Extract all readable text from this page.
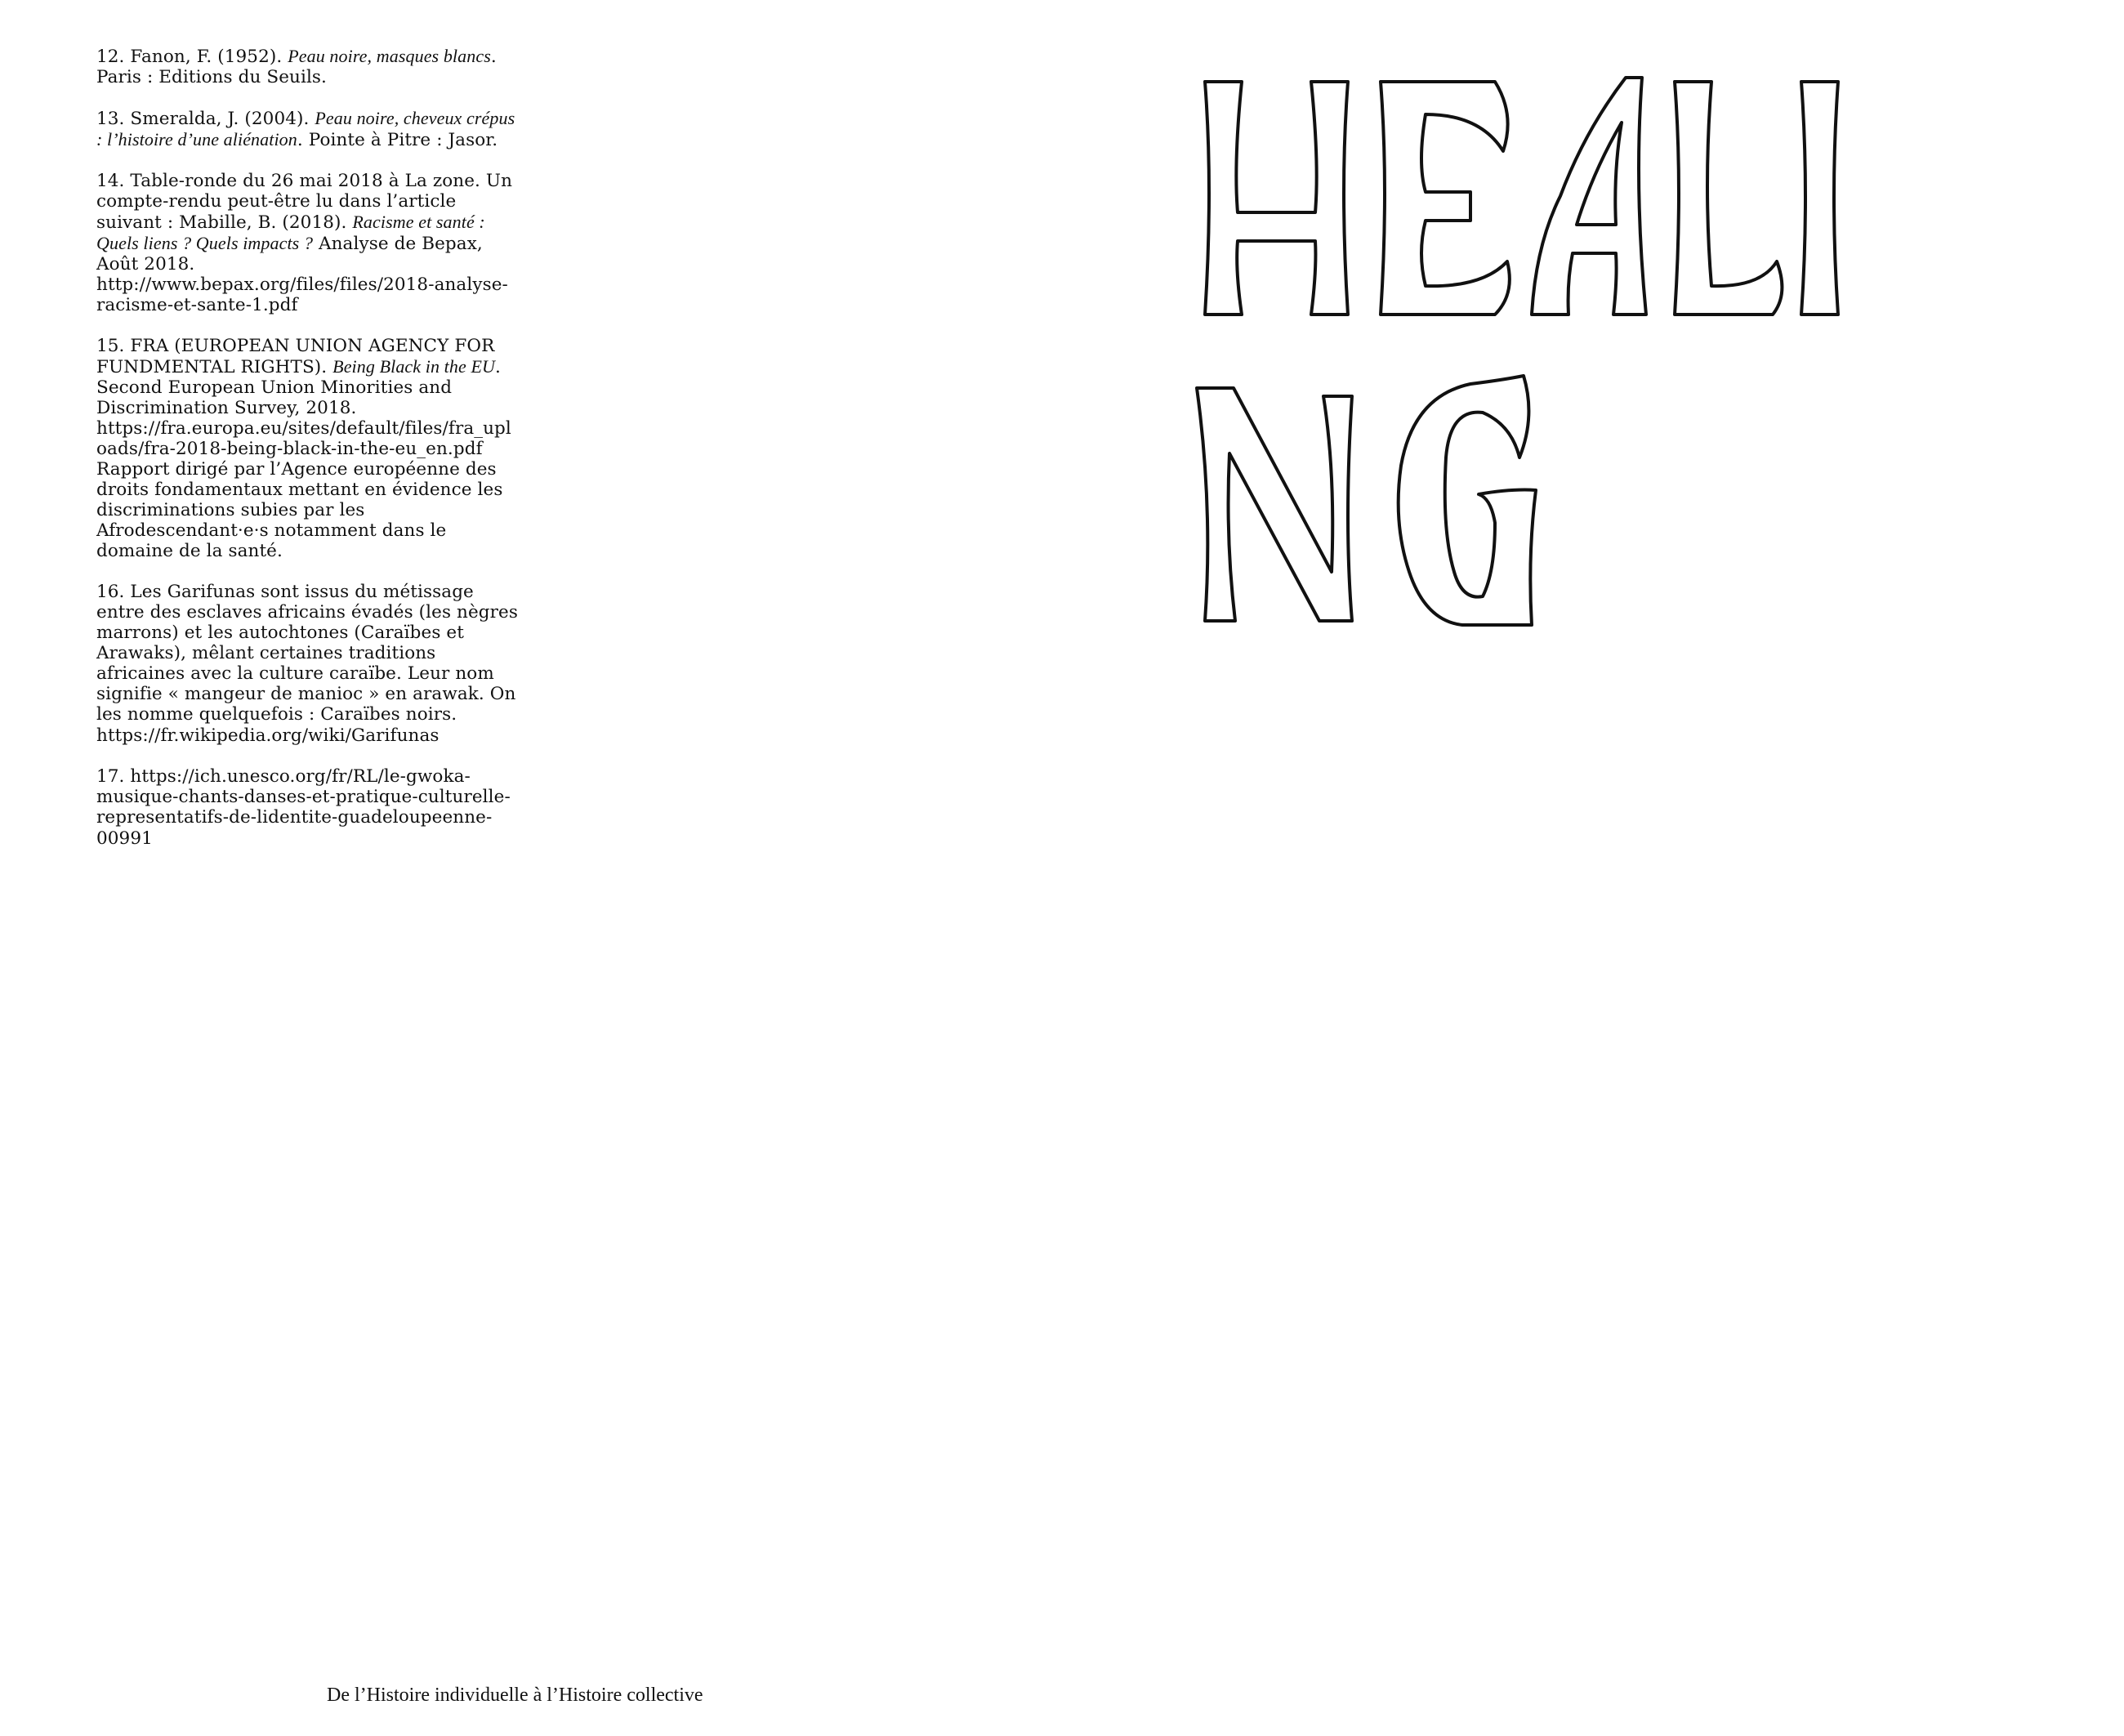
12. Fanon, F. (1952). Peau noire, masques blancs. Paris : Editions du Seuils.

13. Smeralda, J. (2004). Peau noire, cheveux crépus : l’histoire d’une aliénation. Pointe à Pitre : Jasor.

14. Table-ronde du 26 mai 2018 à La zone. Un compte-rendu peut-être lu dans l’article suivant : Mabille, B. (2018). Racisme et santé : Quels liens ? Quels impacts ? Analyse de Bepax, Août 2018. http://www.bepax.org/files/files/2018-analyse-racisme-et-sante-1.pdf

15. FRA (EUROPEAN UNION AGENCY FOR FUNDMENTAL RIGHTS). Being Black in the EU. Second European Union Minorities and Discrimination Survey, 2018. https://fra.europa.eu/sites/default/files/fra_uploads/fra-2018-being-black-in-the-eu_en.pdf Rapport dirigé par l’Agence européenne des droits fondamentaux mettant en évidence les discriminations subies par les Afrodescendant·e·s notamment dans le domaine de la santé.

16. Les Garifunas sont issus du métissage entre des esclaves africains évadés (les nègres marrons) et les autochtones (Caraïbes et Arawaks), mêlant certaines traditions africaines avec la culture caraïbe. Leur nom signifie « mangeur de manioc » en arawak. On les nomme quelquefois : Caraïbes noirs. https://fr.wikipedia.org/wiki/Garifunas

17. https://ich.unesco.org/fr/RL/le-gwoka-musique-chants-danses-et-pratique-culturelle-representatifs-de-lidentite-guadeloupeenne-00991

De l’Histoire individuelle à l’Histoire collective
